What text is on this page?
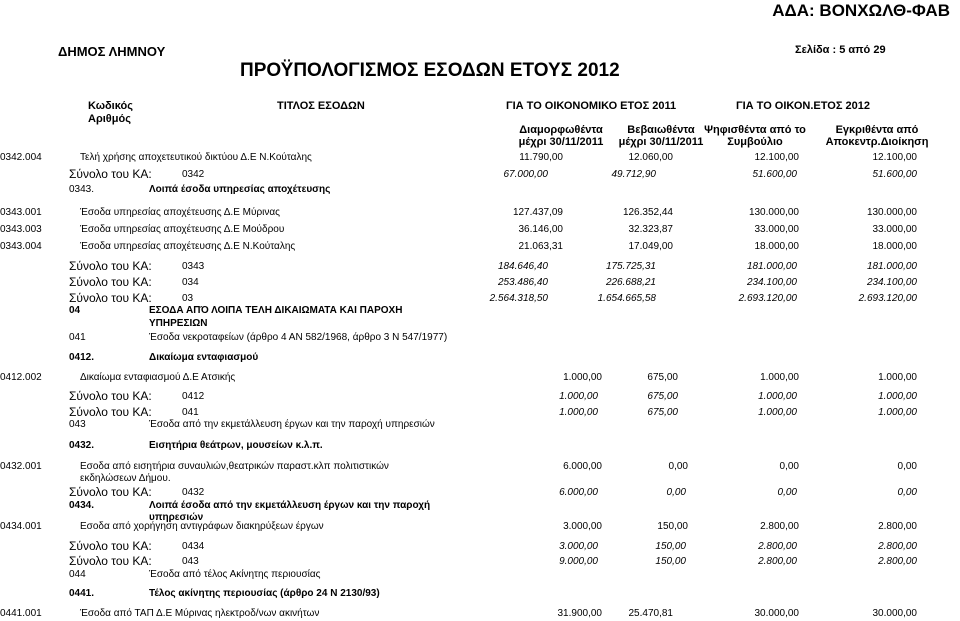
ΑΔΑ: ΒΟΝΧΩΛΘ-ΦΑΒ
ΔΗΜΟΣ ΛΗΜΝΟΥ	Σελίδα : 5 από 29
ΠΡΟΫΠΟΛΟΓΙΣΜΟΣ ΕΣΟΔΩΝ ΕΤΟΥΣ 2012
Κωδικός
Αριθμός
ΤΙΤΛΟΣ ΕΣΟΔΩΝ	ΓΙΑ ΤΟ ΟΙΚΟΝΟΜΙΚΟ ΕΤΟΣ 2011	ΓΙΑ ΤΟ ΟΙΚΟΝ.ΕΤΟΣ 2012
Διαμορφωθέντα
μέχρι 30/11/2011
Βεβαιωθέντα
μέχρι 30/11/2011
Ψηφισθέντα από το
Συμβούλιο
Εγκριθέντα από
Αποκεντρ.Διοίκηση
0342.004	Τελή χρήσης αποχετευτικού δικτύου Δ.Ε Ν.Κούταλης	11.790,00	12.060,00	12.100,00	12.100,00
Σύνολο του ΚΑ:	0342	67.000,00	49.712,90	51.600,00	51.600,00
0343.	Λοιπά έσοδα υπηρεσίας αποχέτευσης
0343.001	Έσοδα υπηρεσίας αποχέτευσης Δ.Ε Μύρινας	127.437,09	126.352,44	130.000,00	130.000,00
0343.003	Έσοδα υπηρεσίας αποχέτευσης Δ.Ε Μούδρου	36.146,00	32.323,87	33.000,00	33.000,00
0343.004	Έσοδα υπηρεσίας αποχέτευσης Δ.Ε Ν.Κούταλης	21.063,31	17.049,00	18.000,00	18.000,00
Σύνολο του ΚΑ:	0343	184.646,40	175.725,31	181.000,00	181.000,00
Σύνολο του ΚΑ:	034	253.486,40	226.688,21	234.100,00	234.100,00
Σύνολο του ΚΑ:	03	2.564.318,50	1.654.665,58	2.693.120,00	2.693.120,00
04	ΕΣΟΔΑ ΑΠΌ ΛΟΙΠΑ ΤΕΛΗ ΔΙΚΑΙΩΜΑΤΑ ΚΑΙ ΠΑΡΟΧΗ
ΥΠΗΡΕΣΙΩΝ
041	Έσοδα νεκροταφείων (άρθρο 4 ΑΝ 582/1968, άρθρο 3 Ν 547/1977)
0412.	Δικαίωμα ενταφιασμού
0412.002	Δικαίωμα ενταφιασμού Δ.Ε Ατσικής	1.000,00	675,00	1.000,00	1.000,00
Σύνολο του ΚΑ:	0412	1.000,00	675,00	1.000,00	1.000,00
Σύνολο του ΚΑ:	041	1.000,00	675,00	1.000,00	1.000,00
043	Έσοδα από την εκμετάλλευση έργων και την παροχή υπηρεσιών
0432.	Εισητήρια θεάτρων, μουσείων κ.λ.π.
0432.001	Εσοδα από εισητήρια συναυλιών,θεατρικών παραστ.κλπ πολιτιστικών
εκδηλώσεων Δήμου.
6.000,00	0,00	0,00	0,00
Σύνολο του ΚΑ:	0432	6.000,00	0,00	0,00	0,00
0434.	Λοιπά έσοδα από την εκμετάλλευση έργων και την παροχή
υπηρεσιών
0434.001	Εσοδα από χορήγηση αντιγράφων διακηρύξεων έργων	3.000,00	150,00	2.800,00	2.800,00
Σύνολο του ΚΑ:	0434	3.000,00	150,00	2.800,00	2.800,00
Σύνολο του ΚΑ:	043	9.000,00	150,00	2.800,00	2.800,00
044	Έσοδα από τέλος Ακίνητης περιουσίας
0441.	Τέλος ακίνητης περιουσίας (άρθρο 24 Ν 2130/93)
0441.001	Έσοδα από ΤΑΠ Δ.Ε Μύρινας ηλεκτροδ/νων ακινήτων	31.900,00	25.470,81	30.000,00	30.000,00
